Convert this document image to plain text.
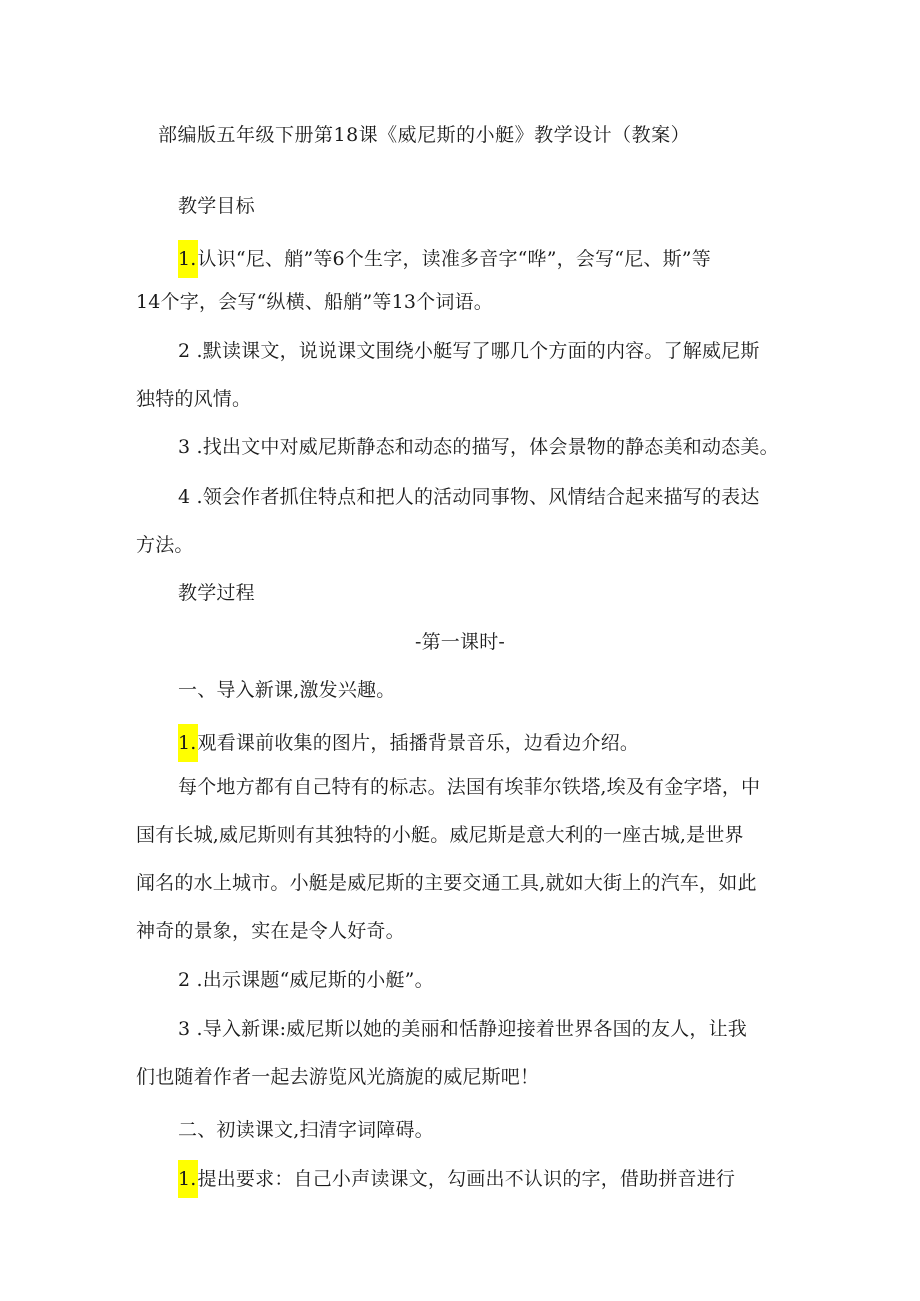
部编版五年级下册第18课《威尼斯的小艇》教学设计（教案）
教学目标
1.认识“尼、艄”等6个生字，读准多音字“哗”，会写“尼、斯”等
14个字，会写“纵横、船艄”等13个词语。
2 .默读课文，说说课文围绕小艇写了哪几个方面的内容。了解威尼斯
独特的风情。
3 .找出文中对威尼斯静态和动态的描写，体会景物的静态美和动态美。
4 .领会作者抓住特点和把人的活动同事物、风情结合起来描写的表达
方法。
教学过程
-第一课时-
一、导入新课,激发兴趣。
1.观看课前收集的图片，插播背景音乐，边看边介绍。
每个地方都有自己特有的标志。法国有埃菲尔铁塔,埃及有金字塔，中
国有长城,威尼斯则有其独特的小艇。威尼斯是意大利的一座古城,是世界
闻名的水上城市。小艇是威尼斯的主要交通工具,就如大街上的汽车，如此
神奇的景象，实在是令人好奇。
2 .出示课题“威尼斯的小艇”。
3 .导入新课:威尼斯以她的美丽和恬静迎接着世界各国的友人，让我
们也随着作者一起去游览风光旖旎的威尼斯吧！
二、初读课文,扫清字词障碍。
1.提出要求：自己小声读课文，勾画出不认识的字，借助拼音进行
